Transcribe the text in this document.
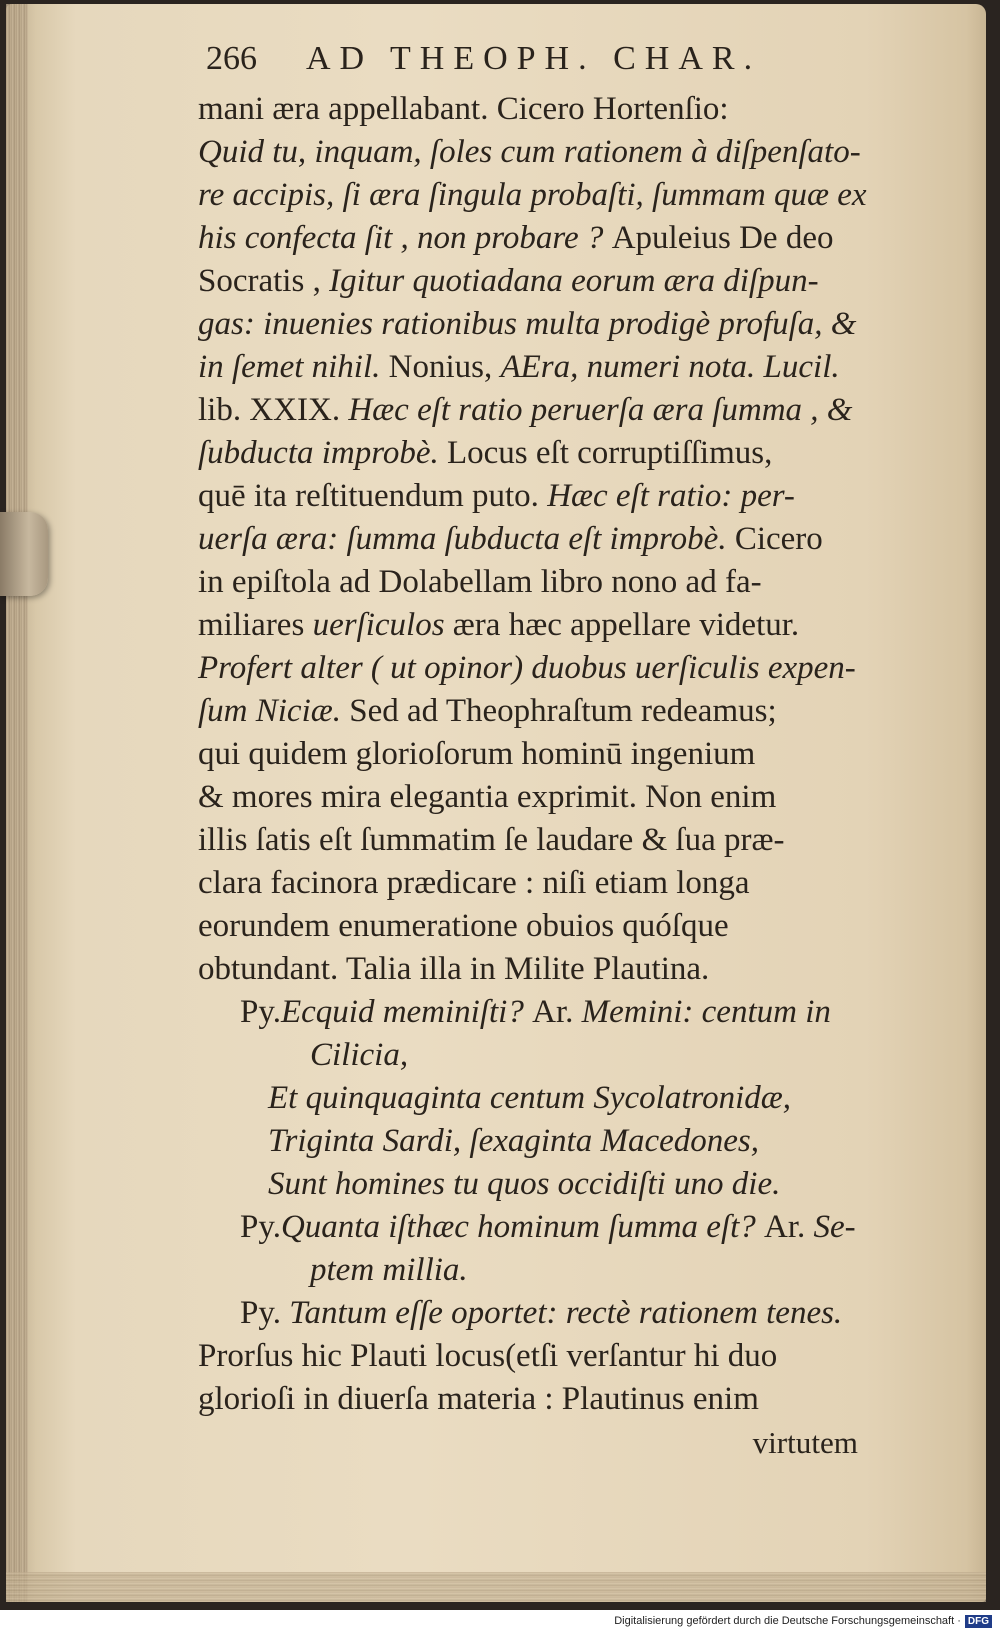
266	AD THEOPH. CHAR.
mani æra appellabant. Cicero Hortenſio:
Quid tu, inquam, ſoles cum rationem à diſpenſato-
re accipis, ſi æra ſingula probaſti, ſummam quæ ex
his confecta ſit , non probare ? Apuleius De deo
Socratis , Igitur quotiadana eorum æra diſpun-
gas: inuenies rationibus multa prodigè profuſa, &
in ſemet nihil. Nonius, AEra, numeri nota. Lucil.
lib. XXIX. Hæc eſt ratio peruerſa æra ſumma , &
ſubducta improbè. Locus eſt corruptiſſimus,
quē ita reſtituendum puto. Hæc eſt ratio: per-
uerſa æra: ſumma ſubducta eſt improbè. Cicero
in epiſtola ad Dolabellam libro nono ad fa-
miliares uerſiculos æra hæc appellare videtur.
Profert alter ( ut opinor) duobus uerſiculis expen-
ſum Niciæ. Sed ad Theophraſtum redeamus;
qui quidem glorioſorum hominū ingenium
& mores mira elegantia exprimit. Non enim
illis ſatis eſt ſummatim ſe laudare & ſua præ-
clara facinora prædicare : niſi etiam longa
eorundem enumeratione obuios quóſque
obtundant. Talia illa in Milite Plautina.
Py.Ecquid meminiſti? Ar. Memini: centum in
Cilicia,
Et quinquaginta centum Sycolatronidæ,
Triginta Sardi, ſexaginta Macedones,
Sunt homines tu quos occidiſti uno die.
Py.Quanta iſthæc hominum ſumma eſt? Ar. Se-
ptem millia.
Py. Tantum eſſe oportet: rectè rationem tenes.
Prorſus hic Plauti locus(etſi verſantur hi duo
glorioſi in diuerſa materia : Plautinus enim
virtutem
Digitalisierung gefördert durch die Deutsche Forschungsgemeinschaft · DFG
